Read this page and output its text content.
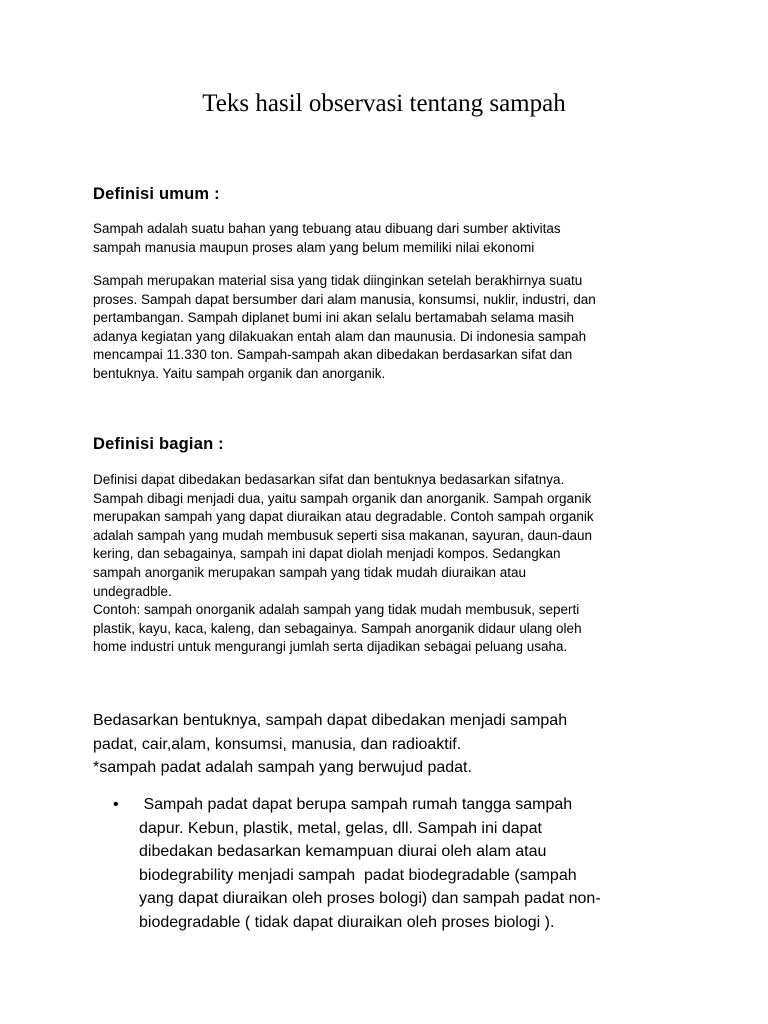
Teks hasil observasi tentang sampah
Definisi umum :
Sampah adalah suatu bahan yang tebuang atau dibuang dari sumber aktivitas
sampah manusia maupun proses alam yang belum memiliki nilai ekonomi
Sampah merupakan material sisa yang tidak diinginkan setelah berakhirnya suatu
proses. Sampah dapat bersumber dari alam manusia, konsumsi, nuklir, industri, dan
pertambangan. Sampah diplanet bumi ini akan selalu bertamabah selama masih
adanya kegiatan yang dilakuakan entah alam dan maunusia. Di indonesia sampah
mencampai 11.330 ton. Sampah-sampah akan dibedakan berdasarkan sifat dan
bentuknya. Yaitu sampah organik dan anorganik.
Definisi bagian :
Definisi dapat dibedakan bedasarkan sifat dan bentuknya bedasarkan sifatnya.
Sampah dibagi menjadi dua, yaitu sampah organik dan anorganik. Sampah organik
merupakan sampah yang dapat diuraikan atau degradable. Contoh sampah organik
adalah sampah yang mudah membusuk seperti sisa makanan, sayuran, daun-daun
kering, dan sebagainya, sampah ini dapat diolah menjadi kompos. Sedangkan
sampah anorganik merupakan sampah yang tidak mudah diuraikan atau
undegradble.
Contoh: sampah onorganik adalah sampah yang tidak mudah membusuk, seperti
plastik, kayu, kaca, kaleng, dan sebagainya. Sampah anorganik didaur ulang oleh
home industri untuk mengurangi jumlah serta dijadikan sebagai peluang usaha.
Bedasarkan bentuknya, sampah dapat dibedakan menjadi sampah
padat, cair,alam, konsumsi, manusia, dan radioaktif.
*sampah padat adalah sampah yang berwujud padat.
• Sampah padat dapat berupa sampah rumah tangga sampah
dapur. Kebun, plastik, metal, gelas, dll. Sampah ini dapat
dibedakan bedasarkan kemampuan diurai oleh alam atau
biodegrability menjadi sampah  padat biodegradable (sampah
yang dapat diuraikan oleh proses bologi) dan sampah padat non-
biodegradable ( tidak dapat diuraikan oleh proses biologi ).
